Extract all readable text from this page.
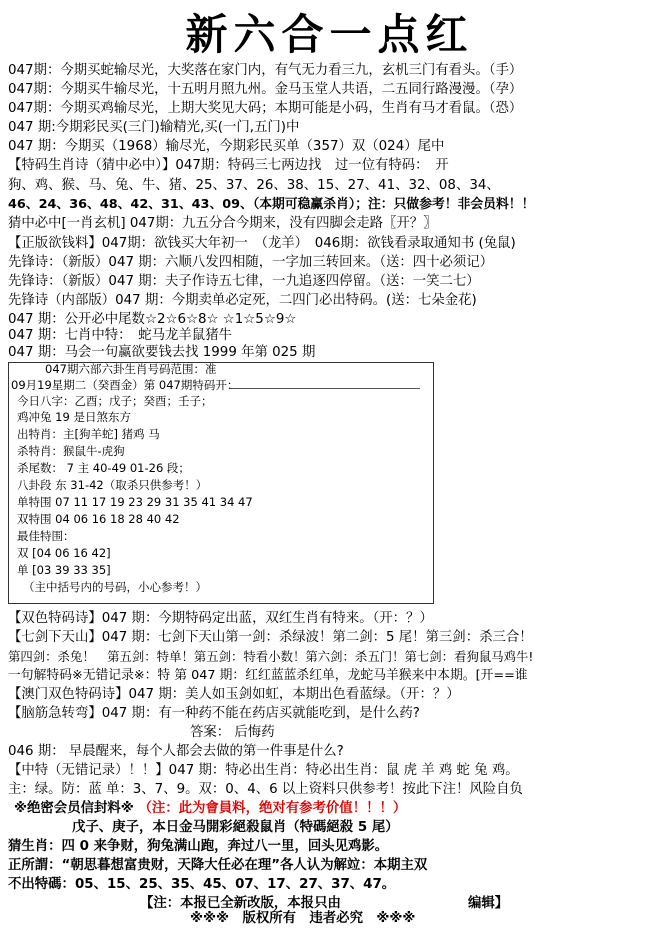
新六合一点红
047期：今期买蛇输尽光，大奖落在家门内，有气无力看三九，玄机三门有看头。（手）
047期：今期买牛输尽光，十五明月照九州。金马玉堂人共语，二五同行路漫漫。（孕）
047期：今期买鸡输尽光，上期大奖见大码；本期可能是小码，生肖有马才看鼠。（恐）
047 期:今期彩民买(三门)输精光,买(一门,五门)中
047 期：今期买（1968）输尽光，今期彩民买单（357）双（024）尾中
【特码生肖诗（猜中必中）】047期：特码三七两边找　过一位有特码：　开
狗、鸡、猴、马、兔、牛、猪、25、37、26、38、15、27、41、32、08、34、
46、24、36、48、42、31、43、09、（本期可稳赢杀肖）；注：只做参考！非会员料！！
猜中必中[一肖玄机] 047期：九五分合今期来，没有四脚会走路〖开？〗
【正版欲钱料】047期：欲钱买大年初一　（龙羊）　046期：欲钱看录取通知书 (兔鼠)
先锋诗：（新版）047 期：六顺八发四相随，一字加三转回来。（送：四十必须记）
先锋诗：（新版）047 期：夫子作诗五七律，一九追逐四停留。（送：一笑二七）
先锋诗（内部版）047 期：今期卖单必定死，二四门必出特码。(送：七朵金花)
047 期：公开必中尾数☆2☆6☆8☆ ☆1☆5☆9☆
047 期：七肖中特：　蛇马龙羊鼠猪牛
047 期：马会一句赢欲要钱去找 1999 年第 025 期
047期六部六卦生肖号码范围：准
09月19星期二（癸酉金）第 047期特码开：
今日八字：乙酉；戊子；癸酉；壬子；
鸡冲兔 19 是日煞东方
出特肖：主[狗羊蛇] 猪鸡 马
杀特肖：猴鼠牛-虎狗
杀尾数： 7 主 40-49 01-26 段；
八卦段 东 31-42（取杀只供参考！）
单特围 07 11 17 19 23 29 31 35 41 34 47
双特围 04 06 16 18 28 40 42
最佳特围：
双 [04 06 16 42]
单 [03 39 33 35]
（主中括号内的号码，小心参考！）
【双色特码诗】047 期：今期特码定出蓝，双红生肖有特来。（开：？）
【七剑下天山】047 期：七剑下天山第一剑：杀绿波！第二剑：5 尾！第三剑：杀三合！
第四剑：杀兔！　第五剑：特单！第五剑：特看小数！第六剑：杀五门！第七剑：看狗鼠马鸡牛!
一句解特码※无错记录※：特 第 047 期：红红蓝蓝杀红单，龙蛇马羊猴来中本期。[开==谁
【澳门双色特码诗】047 期：美人如玉剑如虹，本期出色看蓝绿。（开：？）
【脑筋急转弯】047 期：有一种药不能在药店买就能吃到，是什么药?
答案： 后悔药
046 期： 早晨醒来，每个人都会去做的第一件事是什么?
【中特（无错记录）！！】047 期：特必出生肖：特必出生肖：鼠 虎 羊 鸡 蛇 兔 鸡。
主：绿。防：蓝 单：3、7、9。双：0、4、6 以上资料只供参考！按此下注！风险自负
※绝密会员信封料※ （注：此为會員料，绝对有参考价值！！！）
戊子、庚子，本日金马開彩絕殺鼠肖（特碼絕殺 5 尾）
猜生肖：四 0 来争财，狗兔满山跑，奔过八一里，回头见鸡影。
正所謂：“朝思暮想富贵财，天降大任必在理”各人认为解竝：本期主双
不出特碼：05、15、25、35、45、07、17、27、37、47。
【注：本报已全新改版，本报只由	编辑】
※※※　版权所有　违者必究　※※※
